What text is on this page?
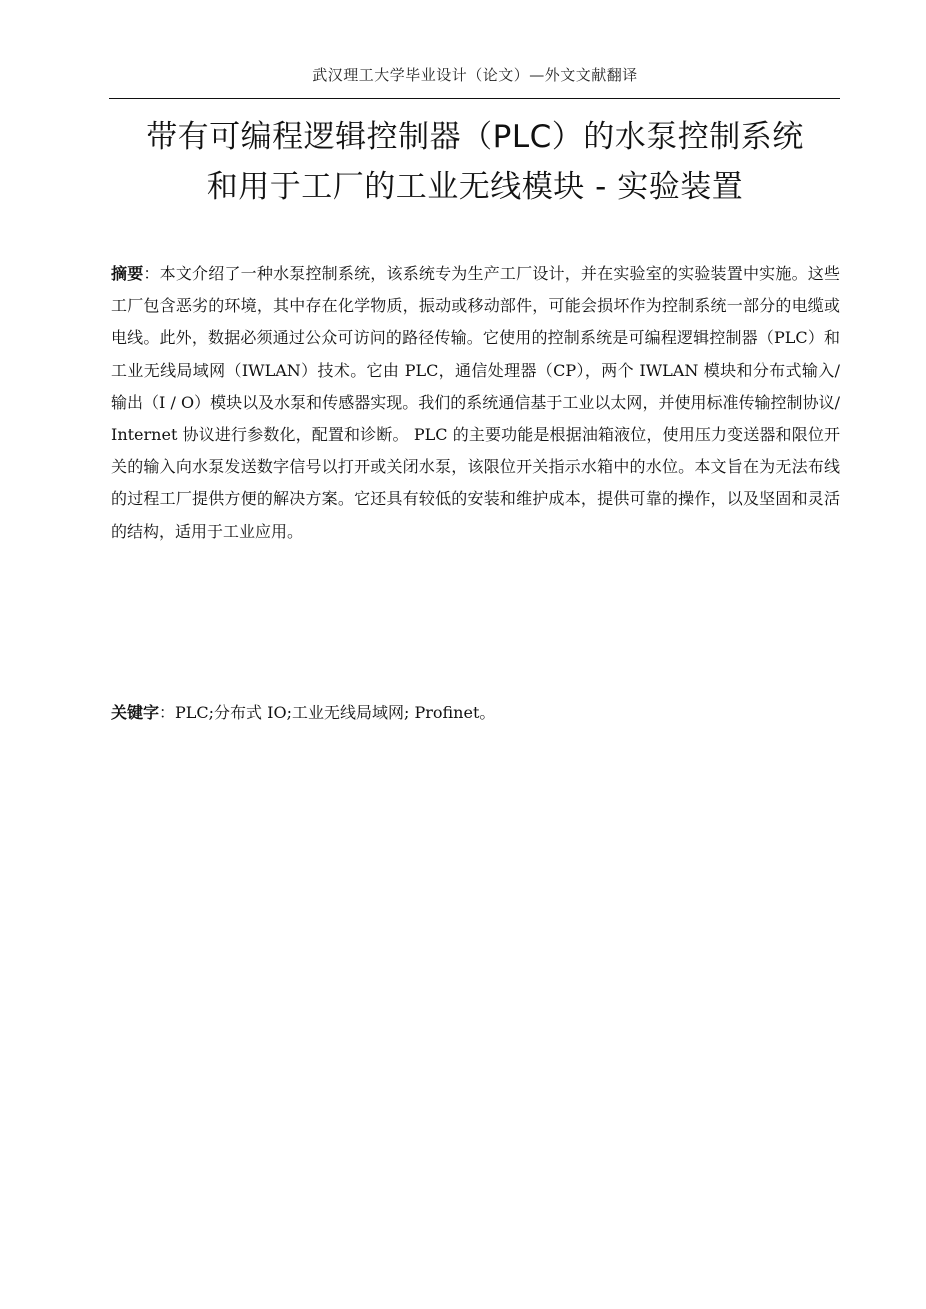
武汉理工大学毕业设计（论文）—外文文献翻译
带有可编程逻辑控制器（PLC）的水泵控制系统
和用于工厂的工业无线模块 - 实验装置
摘要：本文介绍了一种水泵控制系统，该系统专为生产工厂设计，并在实验室的实验装置中实施。这些工厂包含恶劣的环境，其中存在化学物质，振动或移动部件，可能会损坏作为控制系统一部分的电缆或电线。此外，数据必须通过公众可访问的路径传输。它使用的控制系统是可编程逻辑控制器（PLC）和工业无线局域网（IWLAN）技术。它由 PLC，通信处理器（CP），两个 IWLAN 模块和分布式输入/输出（I / O）模块以及水泵和传感器实现。我们的系统通信基于工业以太网，并使用标准传输控制协议/ Internet 协议进行参数化，配置和诊断。 PLC 的主要功能是根据油箱液位，使用压力变送器和限位开关的输入向水泵发送数字信号以打开或关闭水泵，该限位开关指示水箱中的水位。本文旨在为无法布线的过程工厂提供方便的解决方案。它还具有较低的安装和维护成本，提供可靠的操作，以及坚固和灵活的结构，适用于工业应用。
关键字：PLC;分布式 IO;工业无线局域网; Profinet。
